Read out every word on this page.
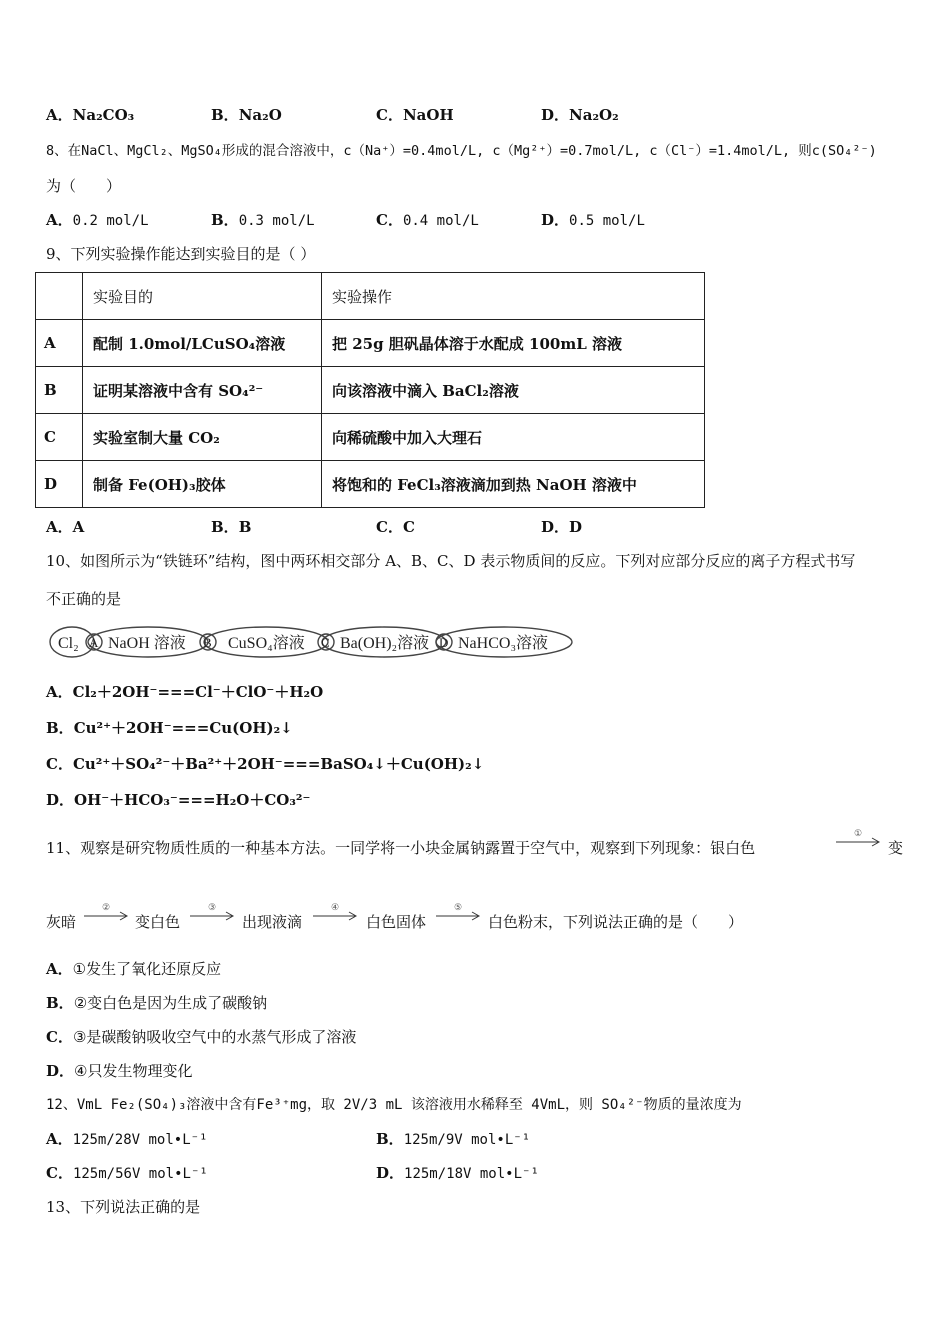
A．Na₂CO₃	B．Na₂O	C．NaOH	D．Na₂O₂
8、在NaCl、MgCl₂、MgSO₄形成的混合溶液中，c（Na⁺）=0.4mol/L, c（Mg²⁺）=0.7mol/L, c（Cl⁻）=1.4mol/L, 则c(SO₄²⁻)
为（　　）
A．0.2 mol/L	B．0.3 mol/L	C．0.4 mol/L	D．0.5 mol/L
9、下列实验操作能达到实验目的是（ ）
	实验目的	实验操作
A	配制 1.0mol/LCuSO₄溶液	把 25g 胆矾晶体溶于水配成 100mL 溶液
B	证明某溶液中含有 SO₄²⁻	向该溶液中滴入 BaCl₂溶液
C	实验室制大量 CO₂	向稀硫酸中加入大理石
D	制备 Fe(OH)₃胶体	将饱和的 FeCl₃溶液滴加到热 NaOH 溶液中
A．A	B．B	C．C	D．D
10、如图所示为“铁链环”结构，图中两环相交部分 A、B、C、D 表示物质间的反应。下列对应部分反应的离子方程式书写
不正确的是
Cl₂ NaOH 溶液	CuSO₄溶液 Ba(OH)₂溶液 NaHCO₃溶液
A	B	C	D
A．Cl₂＋2OH⁻===Cl⁻＋ClO⁻＋H₂O
B．Cu²⁺＋2OH⁻===Cu(OH)₂↓
C．Cu²⁺＋SO₄²⁻＋Ba²⁺＋2OH⁻===BaSO₄↓＋Cu(OH)₂↓
D．OH⁻＋HCO₃⁻===H₂O＋CO₃²⁻
11、观察是研究物质性质的一种基本方法。一同学将一小块金属钠露置于空气中，观察到下列现象：银白色
①
变
灰暗
②
变白色
③
出现液滴
④
白色固体
⑤
白色粉末，下列说法正确的是（　　）
A．①发生了氧化还原反应
B．②变白色是因为生成了碳酸钠
C．③是碳酸钠吸收空气中的水蒸气形成了溶液
D．④只发生物理变化
12、VmL Fe₂(SO₄)₃溶液中含有Fe³⁺mg，取 2V/3 mL 该溶液用水稀释至 4VmL，则 SO₄²⁻物质的量浓度为
A．125m/28V mol•L⁻¹	B．125m/9V mol•L⁻¹
C．125m/56V mol•L⁻¹	D．125m/18V mol•L⁻¹
13、下列说法正确的是
